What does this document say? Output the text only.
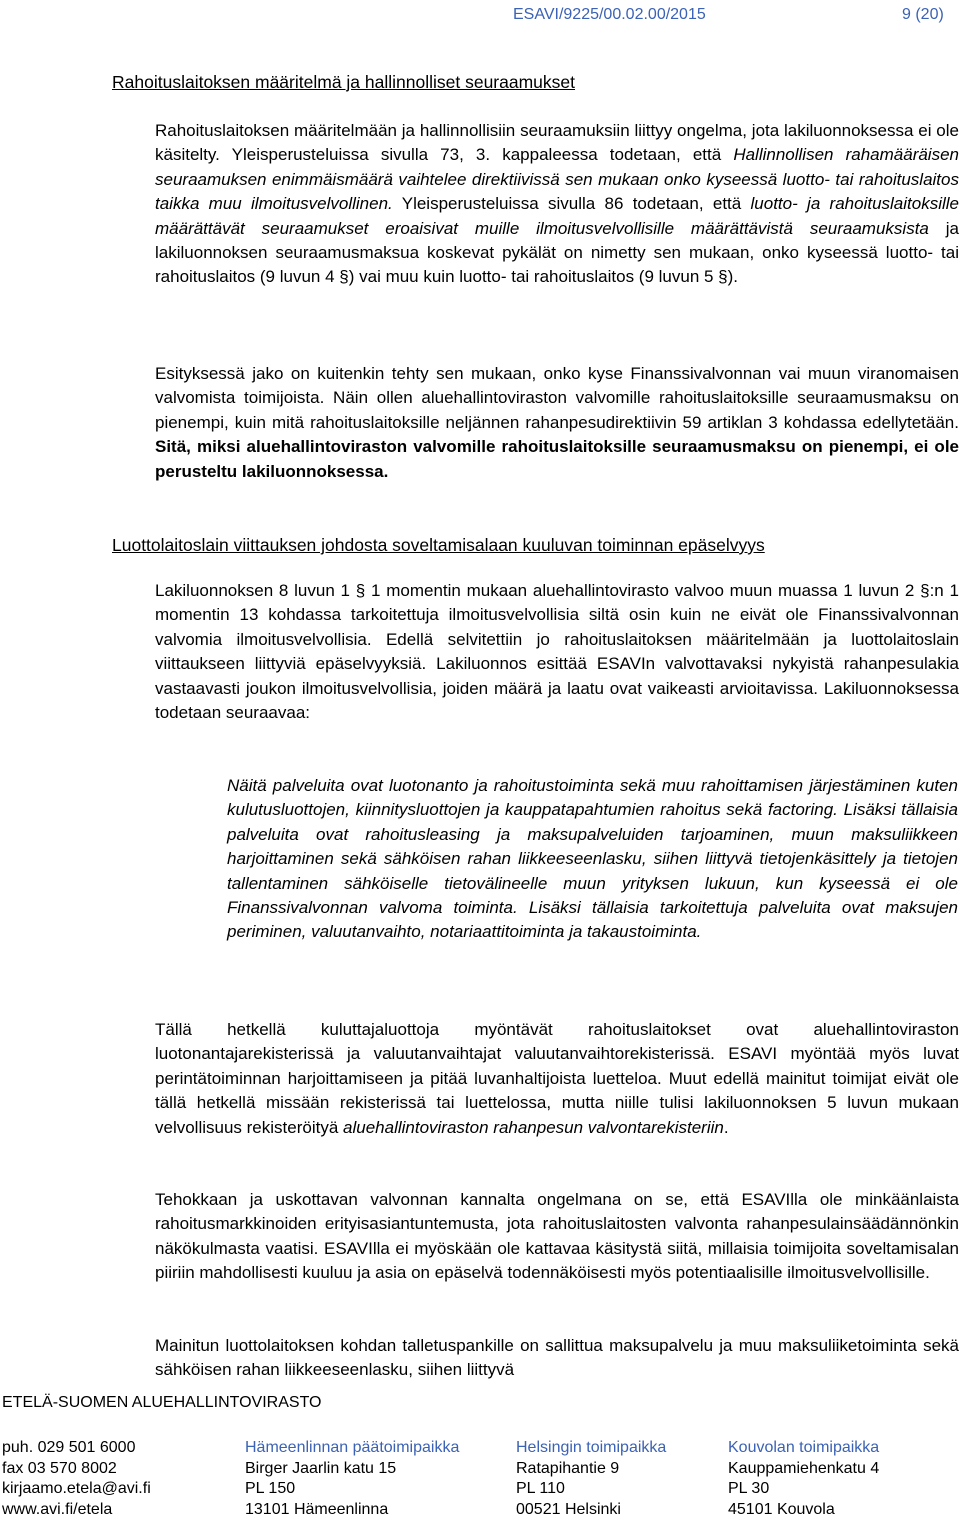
ESAVI/9225/00.02.00/2015	9 (20)
Rahoituslaitoksen määritelmä ja hallinnolliset seuraamukset

Rahoituslaitoksen määritelmään ja hallinnollisiin seuraamuksiin liittyy ongelma, jota lakiluonnoksessa ei ole käsitelty. Yleisperusteluissa sivulla 73, 3. kappaleessa todetaan, että Hallinnollisen rahamääräisen seuraamuksen enimmäismäärä vaihtelee direktiivissä sen mukaan onko kyseessä luotto- tai rahoituslaitos taikka muu ilmoitusvelvollinen. Yleisperusteluissa sivulla 86 todetaan, että luotto- ja rahoituslaitoksille määrättävät seuraamukset eroaisivat muille ilmoitusvelvollisille määrättävistä seuraamuksista ja lakiluonnoksen seuraamusmaksua koskevat pykälät on nimetty sen mukaan, onko kyseessä luotto- tai rahoituslaitos (9 luvun 4 §) vai muu kuin luotto- tai rahoituslaitos (9 luvun 5 §).

Esityksessä jako on kuitenkin tehty sen mukaan, onko kyse Finanssivalvonnan vai muun viranomaisen valvomista toimijoista. Näin ollen aluehallintoviraston valvomille rahoituslaitoksille seuraamusmaksu on pienempi, kuin mitä rahoituslaitoksille neljännen rahanpesudirektiivin 59 artiklan 3 kohdassa edellytetään. Sitä, miksi aluehallintoviraston valvomille rahoituslaitoksille seuraamusmaksu on pienempi, ei ole perusteltu lakiluonnoksessa.

Luottolaitoslain viittauksen johdosta soveltamisalaan kuuluvan toiminnan epäselvyys

Lakiluonnoksen 8 luvun 1 § 1 momentin mukaan aluehallintovirasto valvoo muun muassa 1 luvun 2 §:n 1 momentin 13 kohdassa tarkoitettuja ilmoitusvelvollisia siltä osin kuin ne eivät ole Finanssivalvonnan valvomia ilmoitusvelvollisia. Edellä selvitettiin jo rahoituslaitoksen määritelmään ja luottolaitoslain viittaukseen liittyviä epäselvyyksiä. Lakiluonnos esittää ESAVIn valvottavaksi nykyistä rahanpesulakia vastaavasti joukon ilmoitusvelvollisia, joiden määrä ja laatu ovat vaikeasti arvioitavissa. Lakiluonnoksessa todetaan seuraavaa:

Näitä palveluita ovat luotonanto ja rahoitustoiminta sekä muu rahoittamisen järjestäminen kuten kulutusluottojen, kiinnitysluottojen ja kauppatapahtumien rahoitus sekä factoring. Lisäksi tällaisia palveluita ovat rahoitusleasing ja maksupalveluiden tarjoaminen, muun maksuliikkeen harjoittaminen sekä sähköisen rahan liikkeeseenlasku, siihen liittyvä tietojenkäsittely ja tietojen tallentaminen sähköiselle tietovälineelle muun yrityksen lukuun, kun kyseessä ei ole Finanssivalvonnan valvoma toiminta. Lisäksi tällaisia tarkoitettuja palveluita ovat maksujen periminen, valuutanvaihto, notariaattitoiminta ja takaustoiminta.

Tällä hetkellä kuluttajaluottoja myöntävät rahoituslaitokset ovat aluehallintoviraston luotonantajarekisterissä ja valuutanvaihtajat valuutanvaihtorekisterissä. ESAVI myöntää myös luvat perintätoiminnan harjoittamiseen ja pitää luvanhaltijoista luetteloa. Muut edellä mainitut toimijat eivät ole tällä hetkellä missään rekisterissä tai luettelossa, mutta niille tulisi lakiluonnoksen 5 luvun mukaan velvollisuus rekisteröityä aluehallintoviraston rahanpesun valvontarekisteriin.

Tehokkaan ja uskottavan valvonnan kannalta ongelmana on se, että ESAVIlla ole minkäänlaista rahoitusmarkkinoiden erityisasiantuntemusta, jota rahoituslaitosten valvonta rahanpesulainsäädännönkin näkökulmasta vaatisi. ESAVIlla ei myöskään ole kattavaa käsitystä siitä, millaisia toimijoita soveltamisalan piiriin mahdollisesti kuuluu ja asia on epäselvä todennäköisesti myös potentiaalisille ilmoitusvelvollisille.

Mainitun luottolaitoksen kohdan talletuspankille on sallittua maksupalvelu ja muu maksuliiketoiminta sekä sähköisen rahan liikkeeseenlasku, siihen liittyvä

ETELÄ-SUOMEN ALUEHALLINTOVIRASTO
puh. 029 501 6000
fax 03 570 8002
kirjaamo.etela@avi.fi
www.avi.fi/etela
Hämeenlinnan päätoimipaikka
Birger Jaarlin katu 15
PL 150
13101 Hämeenlinna
Helsingin toimipaikka
Ratapihantie 9
PL 110
00521 Helsinki
Kouvolan toimipaikka
Kauppamiehenkatu 4
PL 30
45101 Kouvola
